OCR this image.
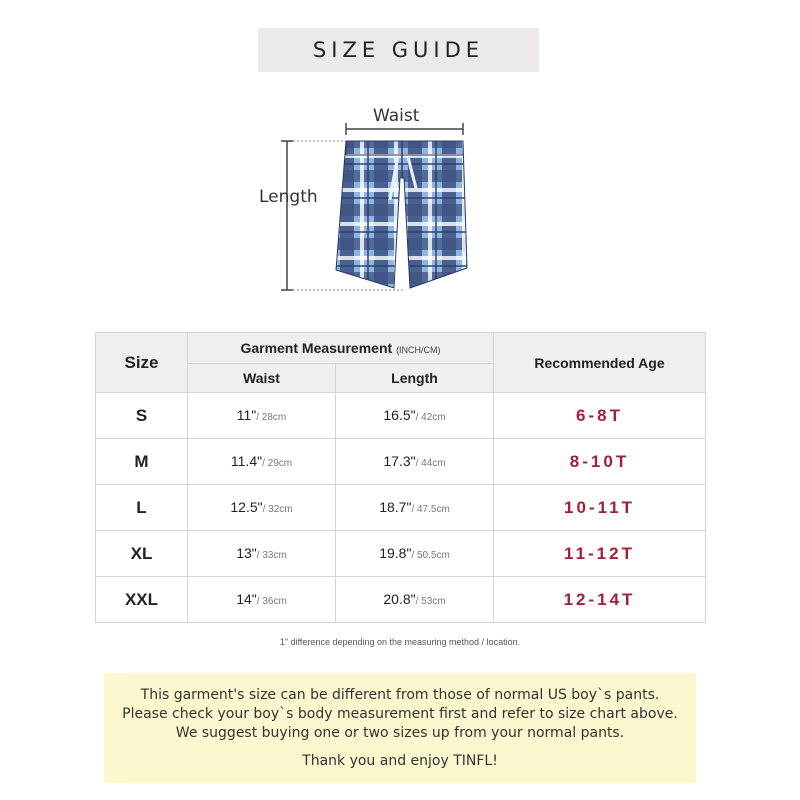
SIZE GUIDE
Waist
Length
Size	Garment Measurement (INCH/CM)		Recommended Age
	Waist	Length	
S	11"/ 28cm	16.5"/ 42cm	6-8T
M	11.4"/ 29cm	17.3"/ 44cm	8-10T
L	12.5"/ 32cm	18.7"/ 47.5cm	10-11T
XL	13"/ 33cm	19.8"/ 50.5cm	11-12T
XXL	14"/ 36cm	20.8"/ 53cm	12-14T
1" difference depending on the measuring method / location.
This garment's size can be different from those of normal US boy`s pants.
Please check your boy`s body measurement first and refer to size chart above.
We suggest buying one or two sizes up from your normal pants.
Thank you and enjoy TINFL!
